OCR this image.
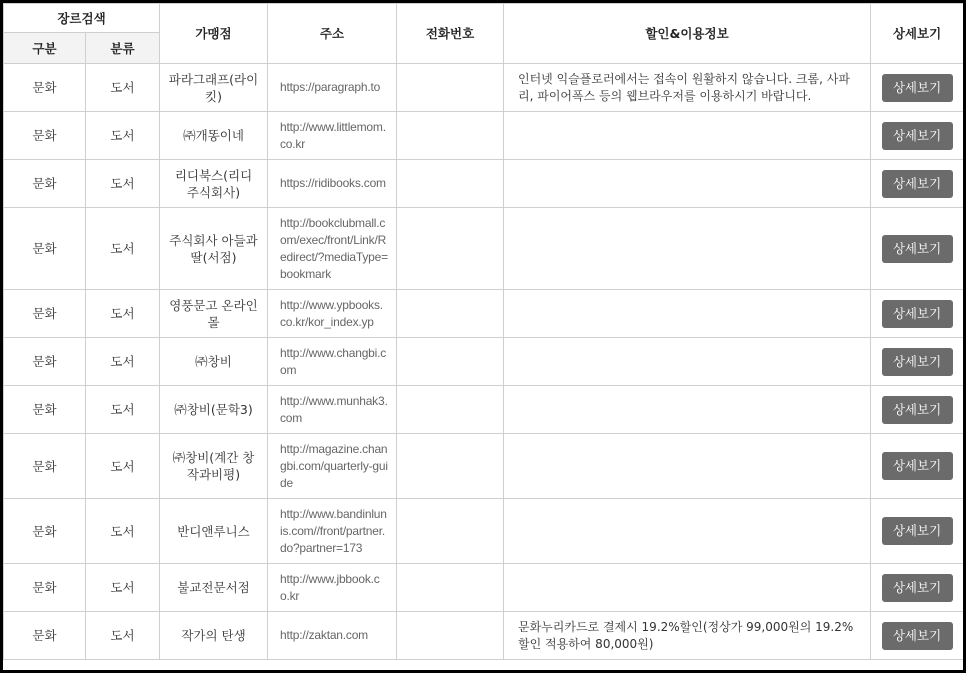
장르검색		가맹점	주소	전화번호	할인&이용정보	상세보기
구분	분류					
문화	도서	파라그래프(라이킷)	https://paragraph.to		인터넷 익슬플로러에서는 접속이 원활하지 않습니다. 크롬, 사파리, 파이어폭스 등의 웹브라우저를 이용하시기 바랍니다.	상세보기
문화	도서	㈜개똥이네	http://www.littlemom.co.kr			상세보기
문화	도서	리디북스(리디 주식회사)	https://ridibooks.com			상세보기
문화	도서	주식회사 아들과 딸(서점)	http://bookclubmall.com/exec/front/Link/Redirect/?mediaType=bookmark			상세보기
문화	도서	영풍문고 온라인몰	http://www.ypbooks.co.kr/kor_index.yp			상세보기
문화	도서	㈜창비	http://www.changbi.com			상세보기
문화	도서	㈜창비(문학3)	http://www.munhak3.com			상세보기
문화	도서	㈜창비(계간 창작과비평)	http://magazine.changbi.com/quarterly-guide			상세보기
문화	도서	반디앤루니스	http://www.bandinlunis.com//front/partner.do?partner=173			상세보기
문화	도서	불교전문서점	http://www.jbbook.co.kr			상세보기
문화	도서	작가의 탄생	http://zaktan.com		문화누리카드로 결제시 19.2%할인(정상가 99,000원의 19.2%할인 적용하여 80,000원)	상세보기
